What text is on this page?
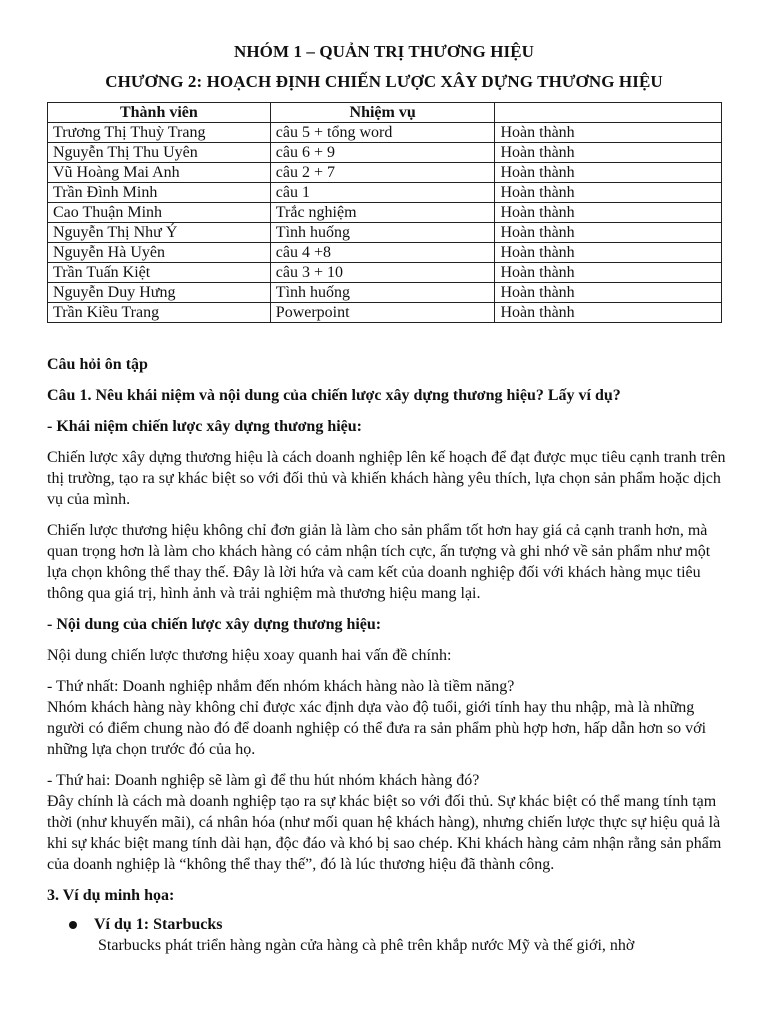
NHÓM 1 – QUẢN TRỊ THƯƠNG HIỆU
CHƯƠNG 2: HOẠCH ĐỊNH CHIẾN LƯỢC XÂY DỰNG THƯƠNG HIỆU
Thành viên	Nhiệm vụ	
Trương Thị Thuỳ Trang	câu 5 + tổng word	Hoàn thành
Nguyễn Thị Thu Uyên	câu 6 + 9	Hoàn thành
Vũ Hoàng Mai Anh	câu 2 + 7	Hoàn thành
Trần Đình Minh	câu 1	Hoàn thành
Cao Thuận Minh	Trắc nghiệm	Hoàn thành
Nguyễn Thị Như Ý	Tình huống	Hoàn thành
Nguyễn Hà Uyên	câu 4 +8	Hoàn thành
Trần Tuấn Kiệt	câu 3 + 10	Hoàn thành
Nguyễn Duy Hưng	Tình huống	Hoàn thành
Trần Kiều Trang	Powerpoint	Hoàn thành

Câu hỏi ôn tập

Câu 1. Nêu khái niệm và nội dung của chiến lược xây dựng thương hiệu? Lấy ví dụ?

- Khái niệm chiến lược xây dựng thương hiệu:

Chiến lược xây dựng thương hiệu là cách doanh nghiệp lên kế hoạch để đạt được mục tiêu cạnh tranh trên thị trường, tạo ra sự khác biệt so với đối thủ và khiến khách hàng yêu thích, lựa chọn sản phẩm hoặc dịch vụ của mình.

Chiến lược thương hiệu không chỉ đơn giản là làm cho sản phẩm tốt hơn hay giá cả cạnh tranh hơn, mà quan trọng hơn là làm cho khách hàng có cảm nhận tích cực, ấn tượng và ghi nhớ về sản phẩm như một lựa chọn không thể thay thế. Đây là lời hứa và cam kết của doanh nghiệp đối với khách hàng mục tiêu thông qua giá trị, hình ảnh và trải nghiệm mà thương hiệu mang lại.

- Nội dung của chiến lược xây dựng thương hiệu:

Nội dung chiến lược thương hiệu xoay quanh hai vấn đề chính:

- Thứ nhất: Doanh nghiệp nhắm đến nhóm khách hàng nào là tiềm năng?

Nhóm khách hàng này không chỉ được xác định dựa vào độ tuổi, giới tính hay thu nhập, mà là những người có điểm chung nào đó để doanh nghiệp có thể đưa ra sản phẩm phù hợp hơn, hấp dẫn hơn so với những lựa chọn trước đó của họ.

- Thứ hai: Doanh nghiệp sẽ làm gì để thu hút nhóm khách hàng đó?

Đây chính là cách mà doanh nghiệp tạo ra sự khác biệt so với đối thủ. Sự khác biệt có thể mang tính tạm thời (như khuyến mãi), cá nhân hóa (như mối quan hệ khách hàng), nhưng chiến lược thực sự hiệu quả là khi sự khác biệt mang tính dài hạn, độc đáo và khó bị sao chép. Khi khách hàng cảm nhận rằng sản phẩm của doanh nghiệp là “không thể thay thế”, đó là lúc thương hiệu đã thành công.

3. Ví dụ minh họa:

Ví dụ 1: Starbucks

Starbucks phát triển hàng ngàn cửa hàng cà phê trên khắp nước Mỹ và thế giới, nhờ
